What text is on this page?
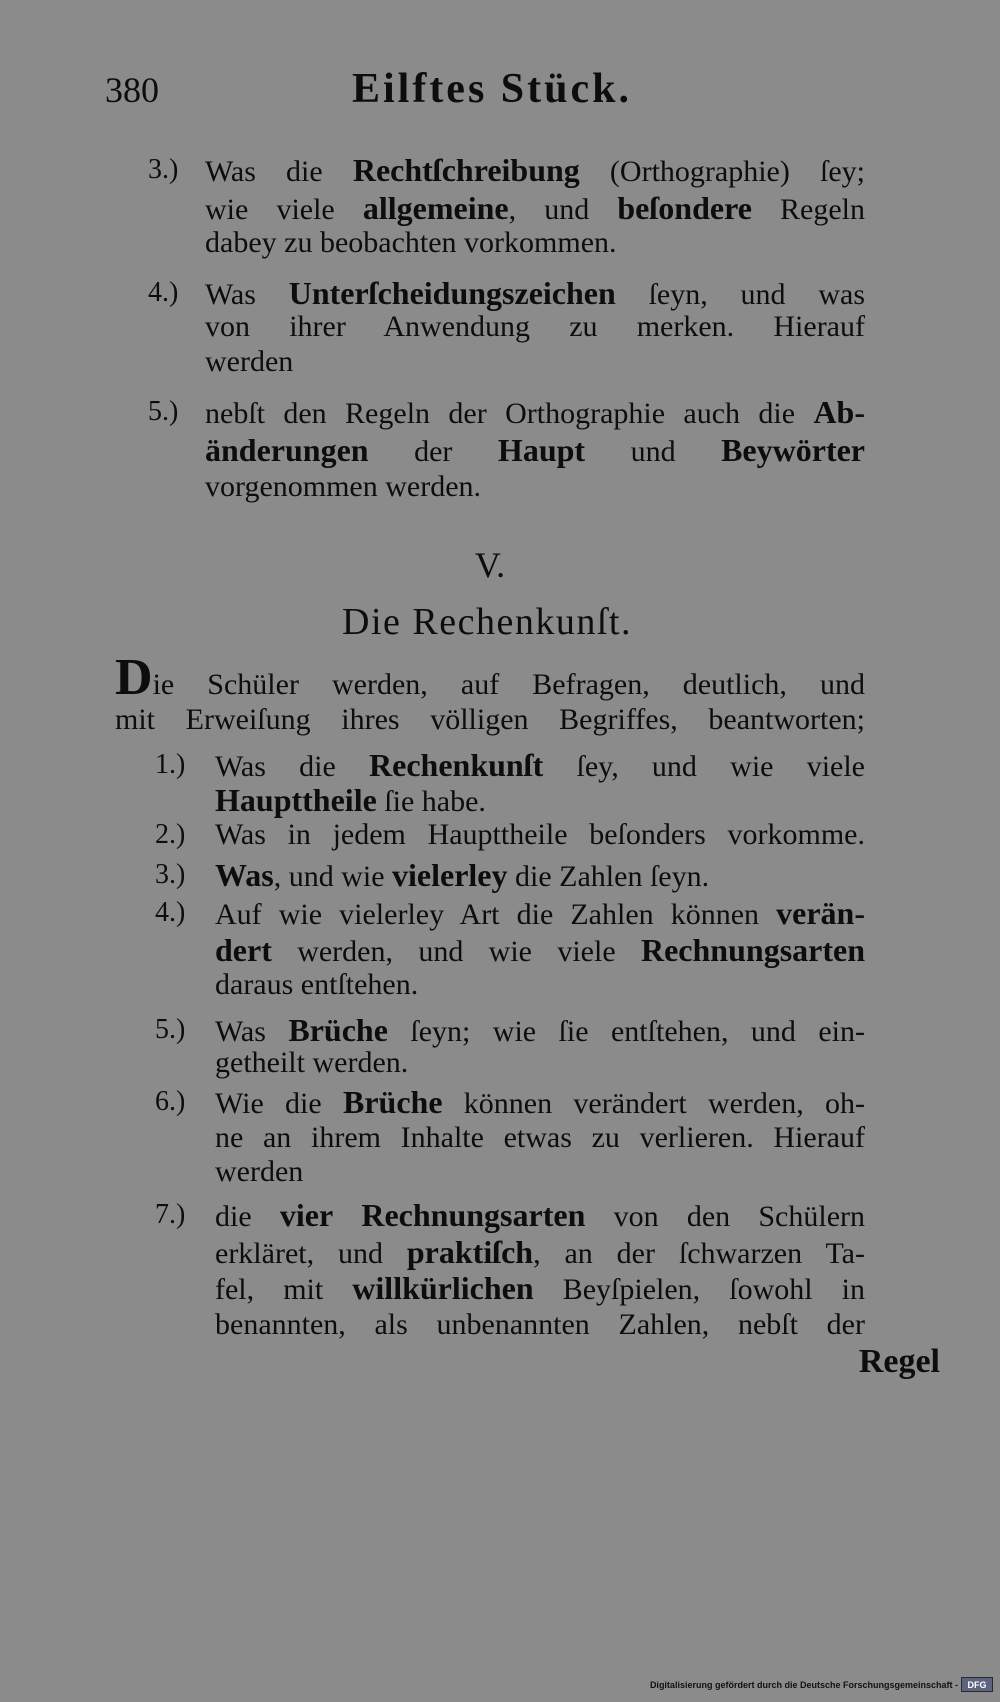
380	Eilftes Stück.
3.) Was die Rechtſchreibung (Orthographie) ſey;
wie viele allgemeine, und beſondere Regeln
dabey zu beobachten vorkommen.
4.) Was Unterſcheidungszeichen ſeyn, und was
von ihrer Anwendung zu merken. Hierauf
werden
5.) nebſt den Regeln der Orthographie auch die Ab-
änderungen der Haupt und Beywörter
vorgenommen werden.
V.
Die Rechenkunſt.
Die Schüler werden, auf Befragen, deutlich, und
mit Erweiſung ihres völligen Begriffes, beantworten;
1.) Was die Rechenkunſt ſey, und wie viele
Haupttheile ſie habe.
2.) Was in jedem Haupttheile beſonders vorkomme.
3.) Was, und wie vielerley die Zahlen ſeyn.
4.) Auf wie vielerley Art die Zahlen können verän-
dert werden, und wie viele Rechnungsarten
daraus entſtehen.
5.) Was Brüche ſeyn; wie ſie entſtehen, und ein-
getheilt werden.
6.) Wie die Brüche können verändert werden, oh-
ne an ihrem Inhalte etwas zu verlieren. Hierauf
werden
7.) die vier Rechnungsarten von den Schülern
erkläret, und praktiſch, an der ſchwarzen Ta-
fel, mit willkürlichen Beyſpielen, ſowohl in
benannten, als unbenannten Zahlen, nebſt der
Regel
Digitalisierung gefördert durch die Deutsche Forschungsgemeinschaft -	DFG
